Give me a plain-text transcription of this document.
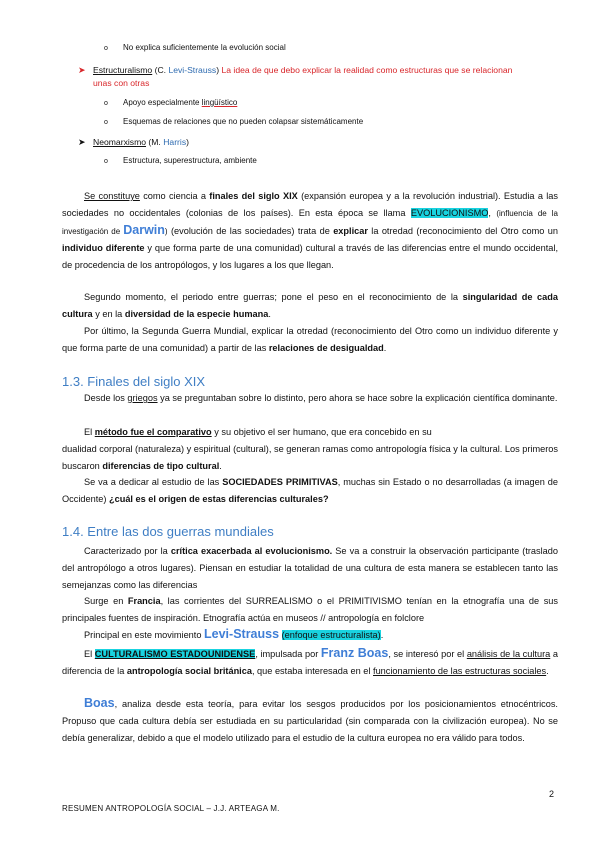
o No explica suficientemente la evolución social
➤ Estructuralismo (C. Levi-Strauss) La idea de que debo explicar la realidad como estructuras que se relacionan
unas con otras
o Apoyo especialmente lingüístico
o Esquemas de relaciones que no pueden colapsar sistemáticamente
➤ Neomarxismo (M. Harris)
o Estructura, superestructura, ambiente

Se constituye como ciencia a finales del siglo XIX (expansión europea y a la revolución industrial). Estudia a las sociedades no occidentales (colonias de los países). En esta época se llama EVOLUCIONISMO, (influencia de la investigación de Darwin) (evolución de las sociedades) trata de explicar la otredad (reconocimiento del Otro como un individuo diferente y que forma parte de una comunidad) cultural a través de las diferencias entre el mundo occidental, de procedencia de los antropólogos, y los lugares a los que llegan.

Segundo momento, el periodo entre guerras; pone el peso en el reconocimiento de la singularidad de cada cultura y en la diversidad de la especie humana.

Por último, la Segunda Guerra Mundial, explicar la otredad (reconocimiento del Otro como un individuo diferente y que forma parte de una comunidad) a partir de las relaciones de desigualdad.

1.3. Finales del siglo XIX

Desde los griegos ya se preguntaban sobre lo distinto, pero ahora se hace sobre la explicación científica dominante.

El método fue el comparativo y su objetivo el ser humano, que era concebido en su
dualidad corporal (naturaleza) y espiritual (cultural), se generan ramas como antropología física y la cultural. Los primeros buscaron diferencias de tipo cultural.

Se va a dedicar al estudio de las SOCIEDADES PRIMITIVAS, muchas sin Estado o no desarrolladas (a imagen de Occidente) ¿cuál es el origen de estas diferencias culturales?

1.4. Entre las dos guerras mundiales

Caracterizado por la crítica exacerbada al evolucionismo. Se va a construir la observación participante (traslado del antropólogo a otros lugares). Piensan en estudiar la totalidad de una cultura de esta manera se establecen tanto las semejanzas como las diferencias

Surge en Francia, las corrientes del SURREALISMO o el PRIMITIVISMO tenían en la etnografía una de sus principales fuentes de inspiración. Etnografía actúa en museos // antropología en folclore

Principal en este movimiento Levi-Strauss (enfoque estructuralista).

El CULTURALISMO ESTADOUNIDENSE, impulsada por Franz Boas, se interesó por el análisis de la cultura a diferencia de la antropología social británica, que estaba interesada en el funcionamiento de las estructuras sociales.

Boas, analiza desde esta teoría, para evitar los sesgos producidos por los posicionamientos etnocéntricos. Propuso que cada cultura debía ser estudiada en su particularidad (sin comparada con la civilización europea). No se debía generalizar, debido a que el modelo utilizado para el estudio de la cultura europea no era válido para todos.

2
RESUMEN ANTROPOLOGÍA SOCIAL – J.J. ARTEAGA M.
